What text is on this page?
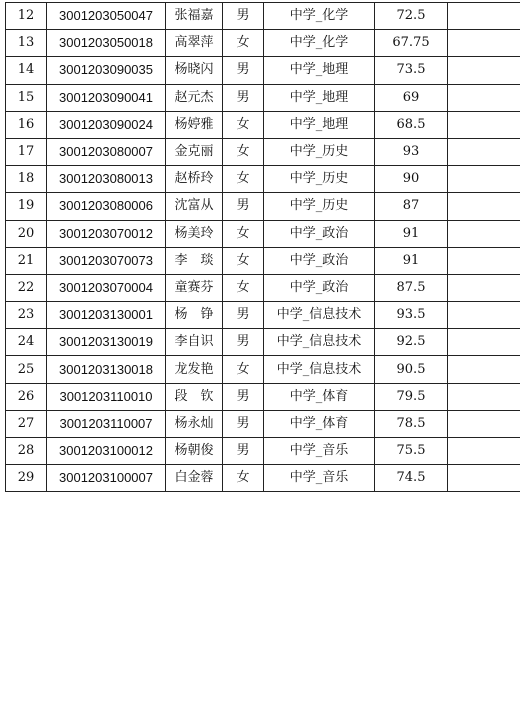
12	3001203050047	张福嘉	男	中学_化学	72.5	
13	3001203050018	高翠萍	女	中学_化学	67.75	
14	3001203090035	杨晓闪	男	中学_地理	73.5	
15	3001203090041	赵元杰	男	中学_地理	69	
16	3001203090024	杨婷雅	女	中学_地理	68.5	
17	3001203080007	金克丽	女	中学_历史	93	
18	3001203080013	赵桥玲	女	中学_历史	90	
19	3001203080006	沈富从	男	中学_历史	87	
20	3001203070012	杨美玲	女	中学_政治	91	
21	3001203070073	李　琰	女	中学_政治	91	
22	3001203070004	童赛芬	女	中学_政治	87.5	
23	3001203130001	杨　铮	男	中学_信息技术	93.5	
24	3001203130019	李自识	男	中学_信息技术	92.5	
25	3001203130018	龙发艳	女	中学_信息技术	90.5	
26	3001203110010	段　钦	男	中学_体育	79.5	
27	3001203110007	杨永灿	男	中学_体育	78.5	
28	3001203100012	杨朝俊	男	中学_音乐	75.5	
29	3001203100007	白金蓉	女	中学_音乐	74.5	
